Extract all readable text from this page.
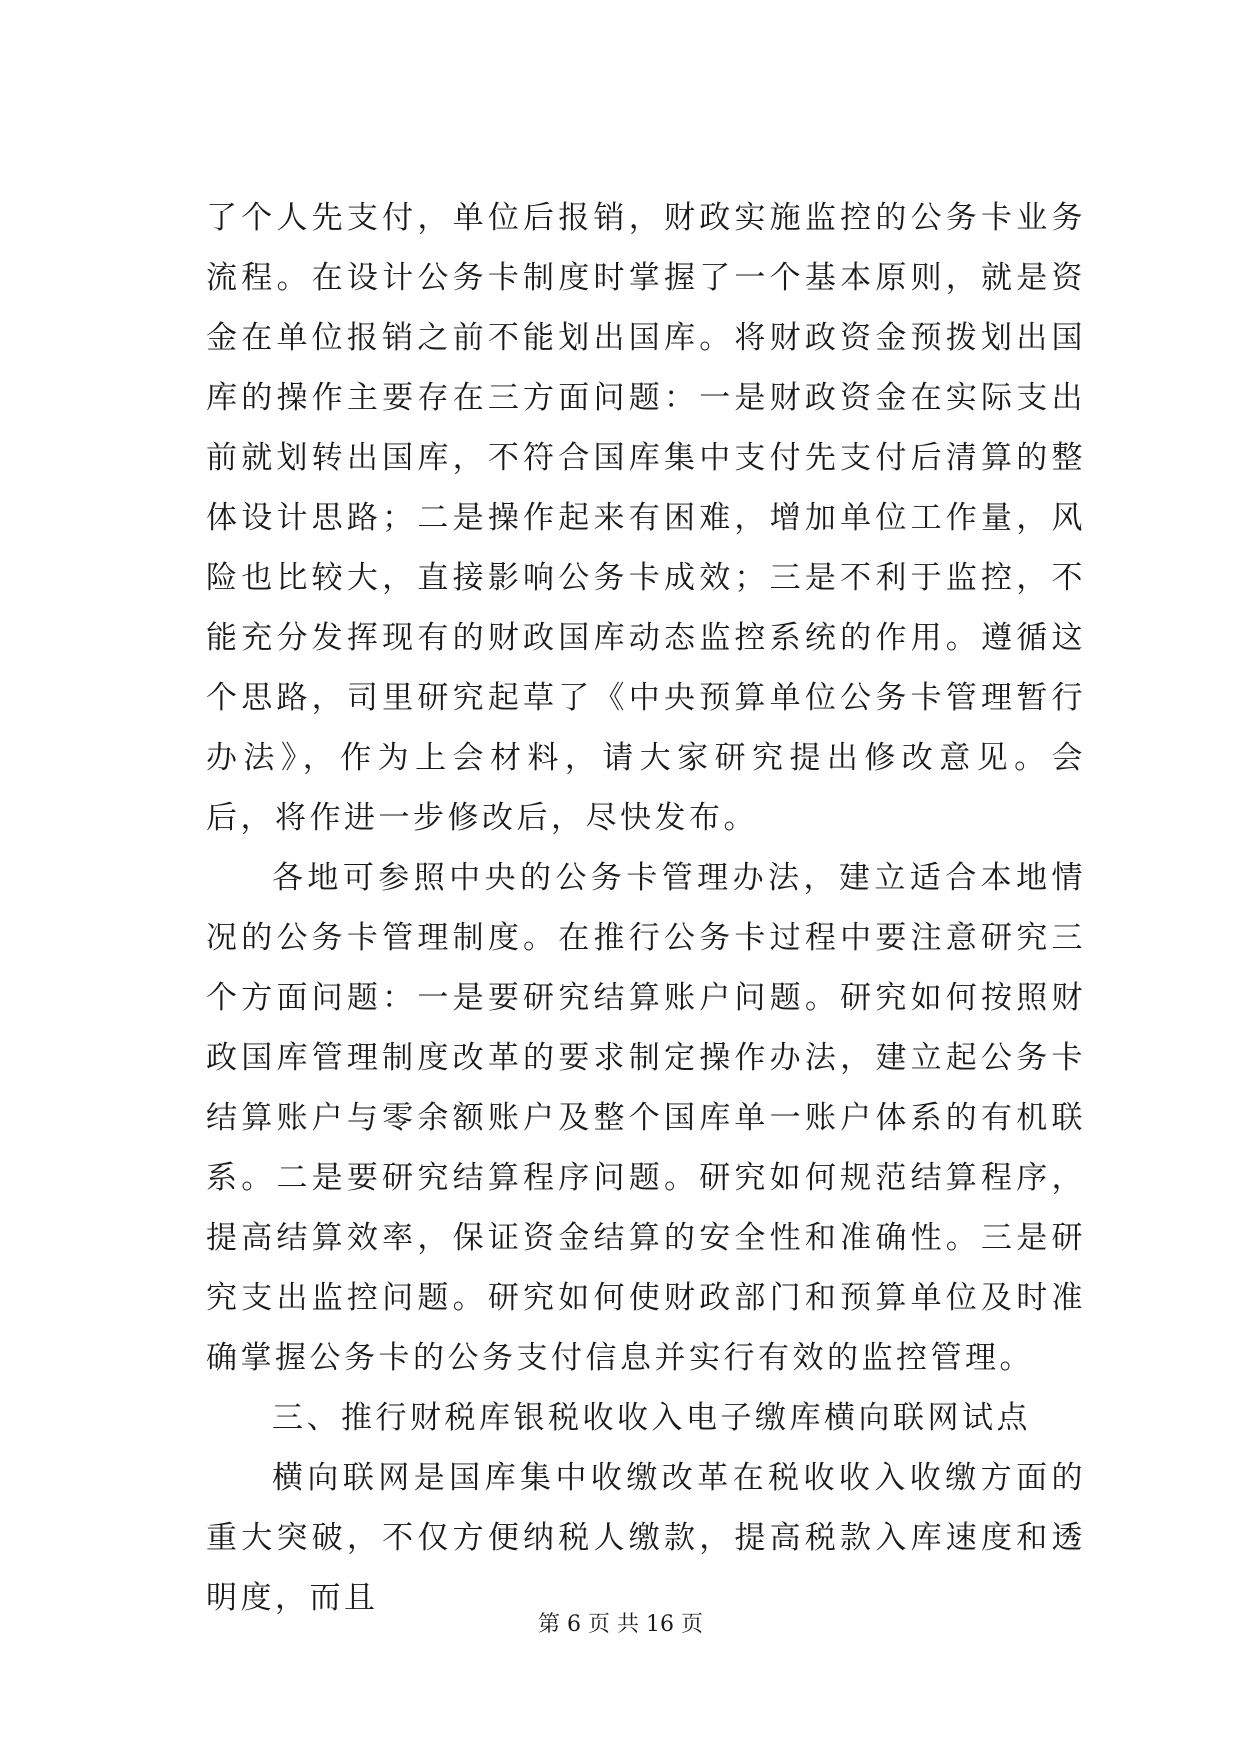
了个人先支付，单位后报销，财政实施监控的公务卡业务流程。在设计公务卡制度时掌握了一个基本原则，就是资金在单位报销之前不能划出国库。将财政资金预拨划出国库的操作主要存在三方面问题：一是财政资金在实际支出前就划转出国库，不符合国库集中支付先支付后清算的整体设计思路；二是操作起来有困难，增加单位工作量，风险也比较大，直接影响公务卡成效；三是不利于监控，不能充分发挥现有的财政国库动态监控系统的作用。遵循这个思路，司里研究起草了《中央预算单位公务卡管理暂行办法》，作为上会材料，请大家研究提出修改意见。会后，将作进一步修改后，尽快发布。

各地可参照中央的公务卡管理办法，建立适合本地情况的公务卡管理制度。在推行公务卡过程中要注意研究三个方面问题：一是要研究结算账户问题。研究如何按照财政国库管理制度改革的要求制定操作办法，建立起公务卡结算账户与零余额账户及整个国库单一账户体系的有机联系。二是要研究结算程序问题。研究如何规范结算程序，提高结算效率，保证资金结算的安全性和准确性。三是研究支出监控问题。研究如何使财政部门和预算单位及时准确掌握公务卡的公务支付信息并实行有效的监控管理。

三、推行财税库银税收收入电子缴库横向联网试点

横向联网是国库集中收缴改革在税收收入收缴方面的重大突破，不仅方便纳税人缴款，提高税款入库速度和透明度，而且

第 6 页 共 16 页
